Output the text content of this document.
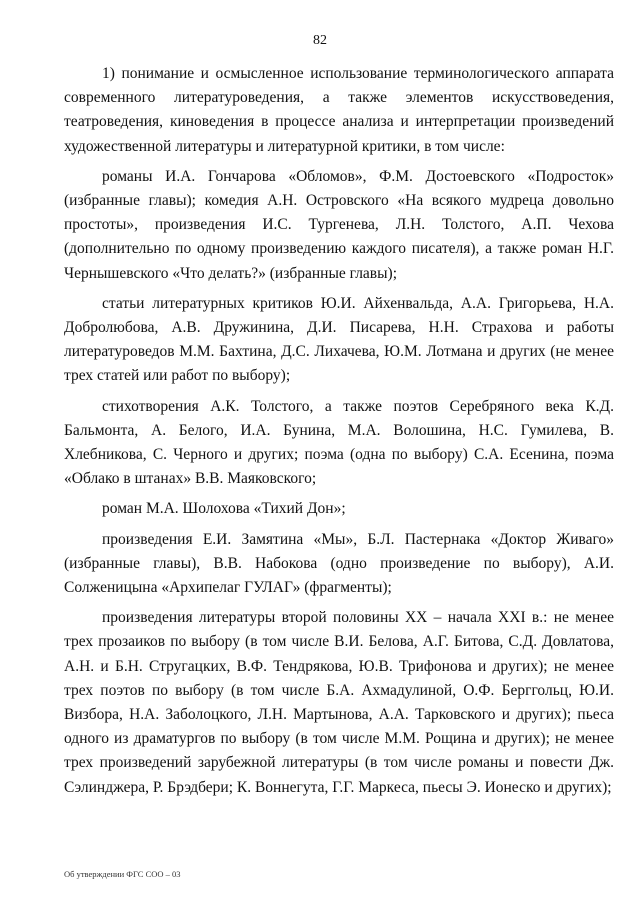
82

1) понимание и осмысленное использование терминологического аппарата современного литературоведения, а также элементов искусствоведения, театроведения, киноведения в процессе анализа и интерпретации произведений художественной литературы и литературной критики, в том числе:

романы И.А. Гончарова «Обломов», Ф.М. Достоевского «Подросток» (избранные главы); комедия А.Н. Островского «На всякого мудреца довольно простоты», произведения И.С. Тургенева, Л.Н. Толстого, А.П. Чехова (дополнительно по одному произведению каждого писателя), а также роман Н.Г. Чернышевского «Что делать?» (избранные главы);

статьи литературных критиков Ю.И. Айхенвальда, А.А. Григорьева, Н.А. Добролюбова, А.В. Дружинина, Д.И. Писарева, Н.Н. Страхова и работы литературоведов М.М. Бахтина, Д.С. Лихачева, Ю.М. Лотмана и других (не менее трех статей или работ по выбору);

стихотворения А.К. Толстого, а также поэтов Серебряного века К.Д. Бальмонта, А. Белого, И.А. Бунина, М.А. Волошина, Н.С. Гумилева, В. Хлебникова, С. Черного и других; поэма (одна по выбору) С.А. Есенина, поэма «Облако в штанах» В.В. Маяковского;

роман М.А. Шолохова «Тихий Дон»;

произведения Е.И. Замятина «Мы», Б.Л. Пастернака «Доктор Живаго» (избранные главы), В.В. Набокова (одно произведение по выбору), А.И. Солженицына «Архипелаг ГУЛАГ» (фрагменты);

произведения литературы второй половины XX – начала XXI в.: не менее трех прозаиков по выбору (в том числе В.И. Белова, А.Г. Битова, С.Д. Довлатова, А.Н. и Б.Н. Стругацких, В.Ф. Тендрякова, Ю.В. Трифонова и других); не менее трех поэтов по выбору (в том числе Б.А. Ахмадулиной, О.Ф. Берггольц, Ю.И. Визбора, Н.А. Заболоцкого, Л.Н. Мартынова, А.А. Тарковского и других); пьеса одного из драматургов по выбору (в том числе М.М. Рощина и других); не менее трех произведений зарубежной литературы (в том числе романы и повести Дж. Сэлинджера, Р. Брэдбери; К. Воннегута, Г.Г. Маркеса, пьесы Э. Ионеско и других);

Об утверждении ФГС СОО – 03
